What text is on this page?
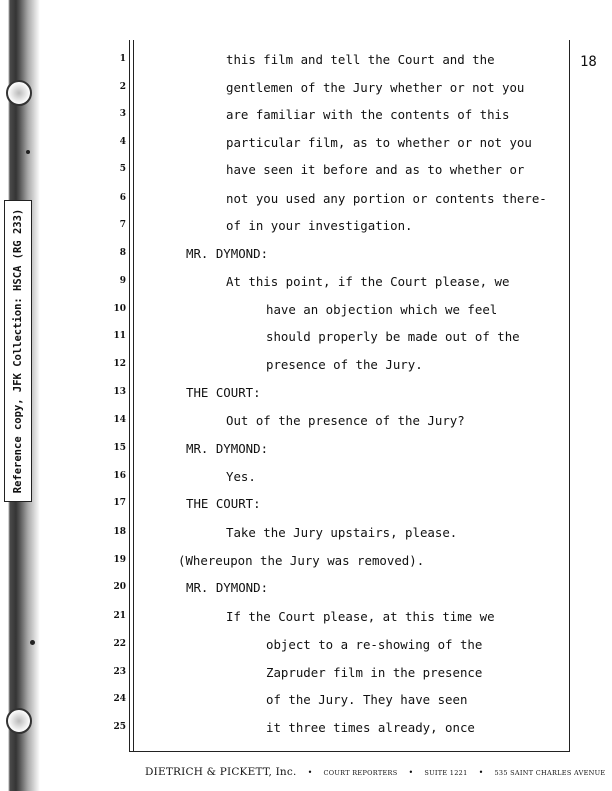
Reference copy, JFK Collection: HSCA (RG 233)
18
1
2
3
4
5
6
7
8
9
10
11
12
13
14
15
16
17
18
19
20
21
22
23
24
25
this film and tell the Court and the
gentlemen of the Jury whether or not you
are familiar with the contents of this
particular film, as to whether or not you
have seen it before and as to whether or
not you used any portion or contents there-
of in your investigation.
MR. DYMOND:
At this point, if the Court please, we
have an objection which we feel
should properly be made out of the
presence of the Jury.
THE COURT:
Out of the presence of the Jury?
MR. DYMOND:
Yes.
THE COURT:
Take the Jury upstairs, please.
(Whereupon the Jury was removed).
MR. DYMOND:
If the Court please, at this time we
object to a re-showing of the
Zapruder film in the presence
of the Jury. They have seen
it three times already, once
DIETRICH & PICKETT, Inc. • COURT REPORTERS • SUITE 1221 • 535 SAINT CHARLES AVENUE
